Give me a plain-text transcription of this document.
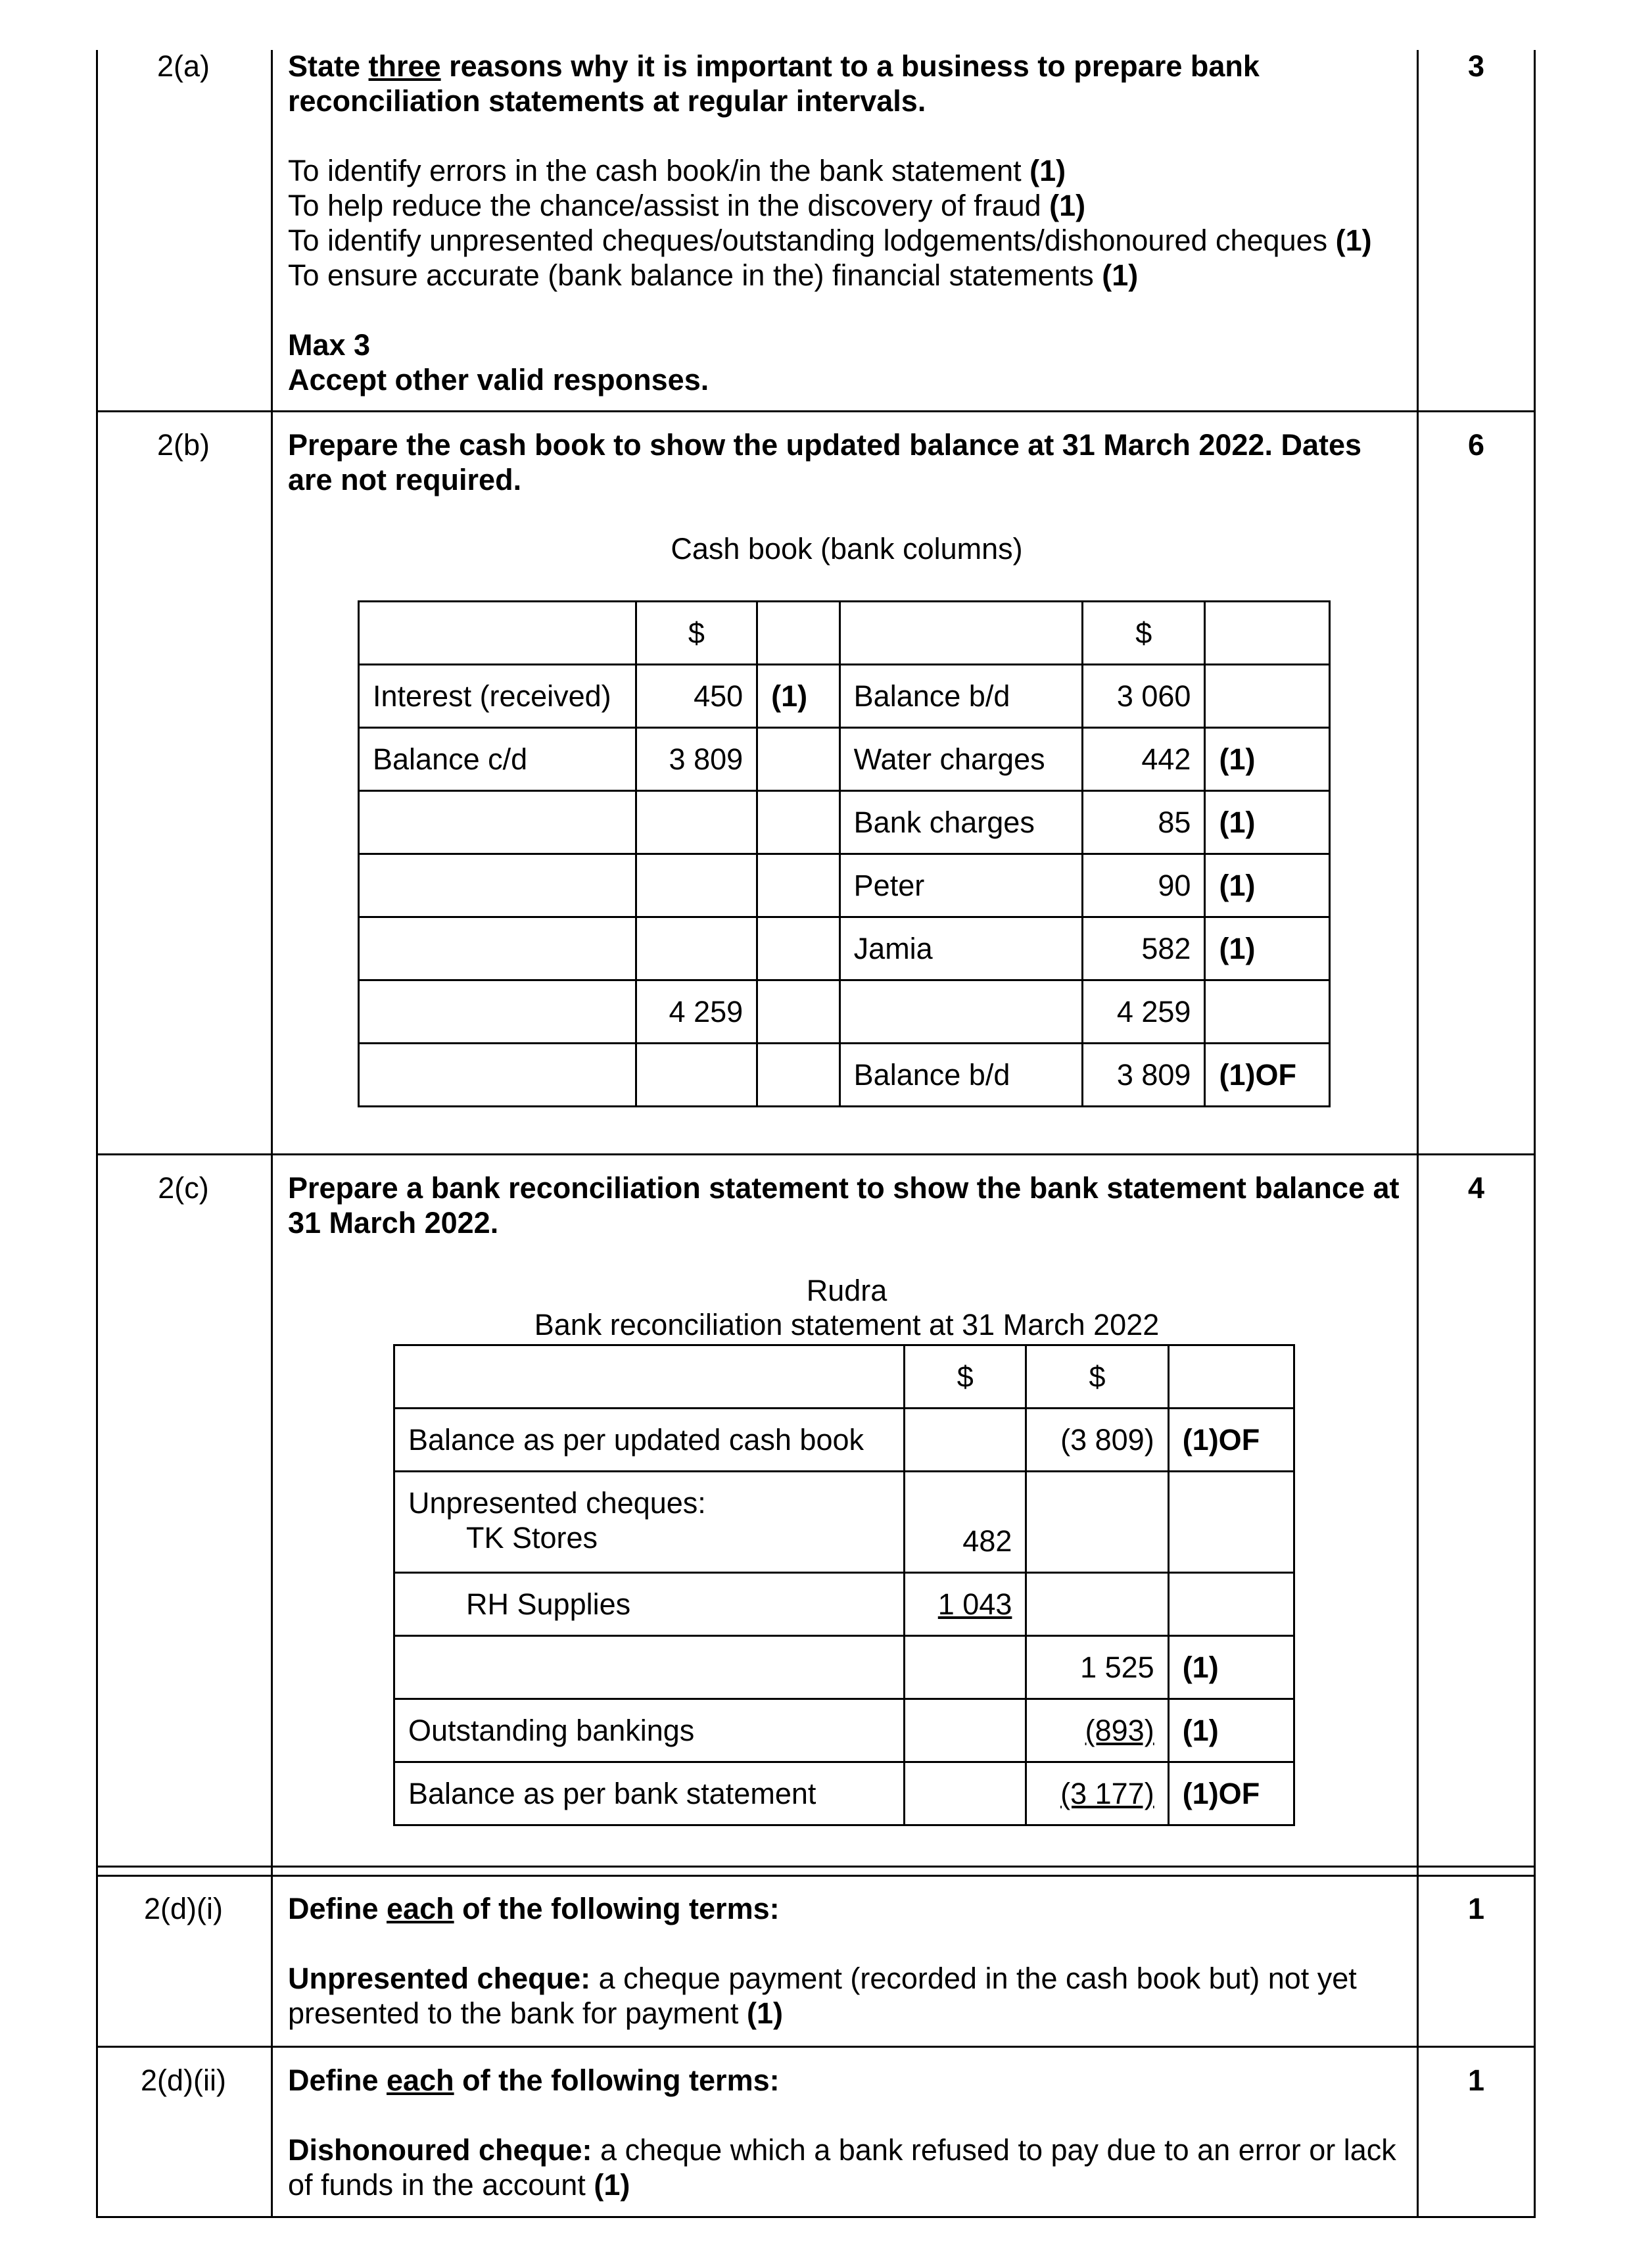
2(a)	3

State three reasons why it is important to a business to prepare bank reconciliation statements at regular intervals.

To identify errors in the cash book/in the bank statement (1)

To help reduce the chance/assist in the discovery of fraud (1)

To identify unpresented cheques/outstanding lodgements/dishonoured cheques (1)

To ensure accurate (bank balance in the) financial statements (1)

Max 3

Accept other valid responses.

2(b)	6

Prepare the cash book to show the updated balance at 31 March 2022. Dates are not required.

Cash book (bank columns)
	$			$	
Interest (received)	450	(1)	Balance b/d	3 060	
Balance c/d	3 809		Water charges	442	(1)
			Bank charges	85	(1)
			Peter	90	(1)
			Jamia	582	(1)
	4 259			4 259	
			Balance b/d	3 809	(1)OF
2(c)	4

Prepare a bank reconciliation statement to show the bank statement balance at 31 March 2022.

Rudra
Bank reconciliation statement at 31 March 2022
	$	$	
Balance as per updated cash book		(3 809)	(1)OF

Unpresented cheques:
TK Stores	482		
RH Supplies	1 043		
		1 525	(1)
Outstanding bankings		(893)	(1)
Balance as per bank statement		(3 177)	(1)OF
2(d)(i)	1

Define each of the following terms:

Unpresented cheque: a cheque payment (recorded in the cash book but) not yet presented to the bank for payment (1)

2(d)(ii)	1

Define each of the following terms:

Dishonoured cheque: a cheque which a bank refused to pay due to an error or lack of funds in the account (1)
